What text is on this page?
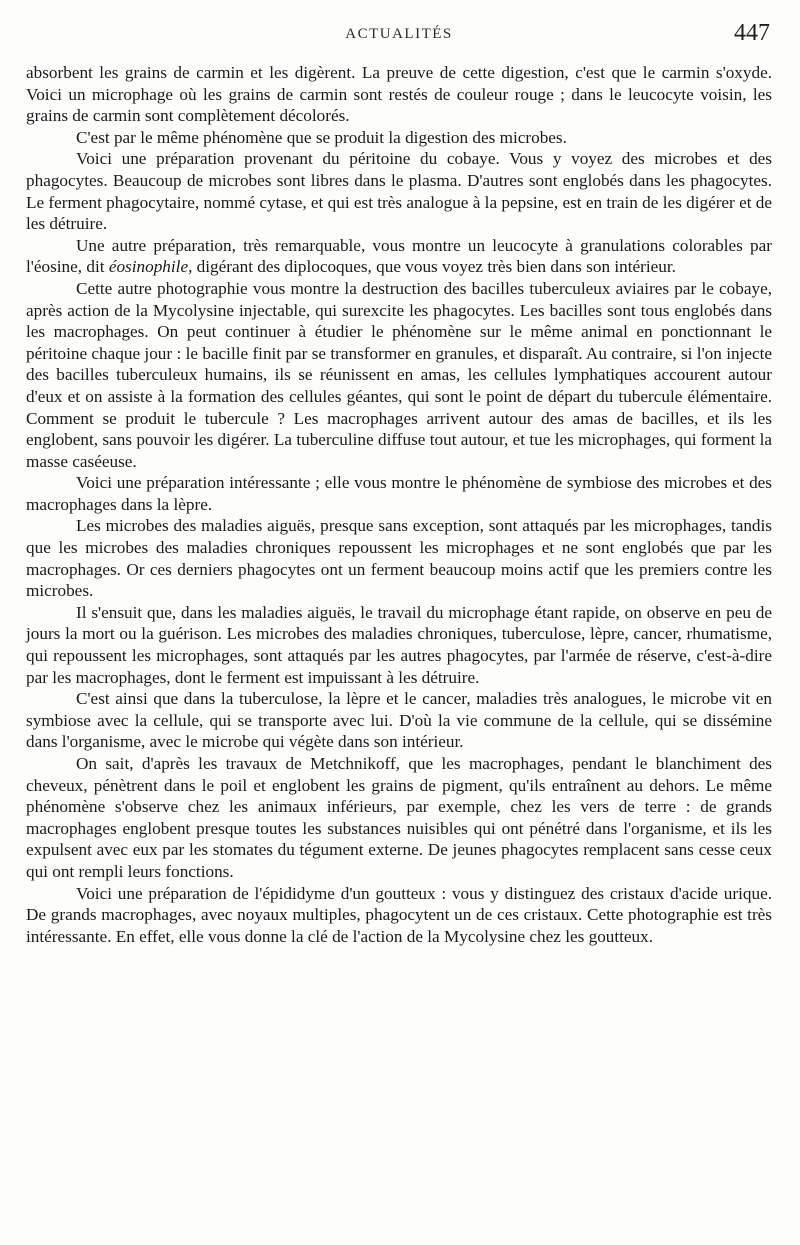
ACTUALITÉS	447

absorbent les grains de carmin et les digèrent. La preuve de cette digestion, c'est que le carmin s'oxyde. Voici un microphage où les grains de carmin sont restés de couleur rouge ; dans le leucocyte voisin, les grains de carmin sont complètement décolorés.

C'est par le même phénomène que se produit la digestion des microbes.

Voici une préparation provenant du péritoine du cobaye. Vous y voyez des microbes et des phagocytes. Beaucoup de microbes sont libres dans le plasma. D'autres sont englobés dans les phagocytes. Le ferment phagocytaire, nommé cytase, et qui est très analogue à la pepsine, est en train de les digérer et de les détruire.

Une autre préparation, très remarquable, vous montre un leucocyte à granulations colorables par l'éosine, dit éosinophile, digérant des diplocoques, que vous voyez très bien dans son intérieur.

Cette autre photographie vous montre la destruction des bacilles tuberculeux aviaires par le cobaye, après action de la Mycolysine injectable, qui surexcite les phagocytes. Les bacilles sont tous englobés dans les macrophages. On peut continuer à étudier le phénomène sur le même animal en ponctionnant le péritoine chaque jour : le bacille finit par se transformer en granules, et disparaît. Au contraire, si l'on injecte des bacilles tuberculeux humains, ils se réunissent en amas, les cellules lymphatiques accourent autour d'eux et on assiste à la formation des cellules géantes, qui sont le point de départ du tubercule élémentaire. Comment se produit le tubercule ? Les macrophages arrivent autour des amas de bacilles, et ils les englobent, sans pouvoir les digérer. La tuberculine diffuse tout autour, et tue les microphages, qui forment la masse caséeuse.

Voici une préparation intéressante ; elle vous montre le phénomène de symbiose des microbes et des macrophages dans la lèpre.

Les microbes des maladies aiguës, presque sans exception, sont attaqués par les microphages, tandis que les microbes des maladies chroniques repoussent les microphages et ne sont englobés que par les macrophages. Or ces derniers phagocytes ont un ferment beaucoup moins actif que les premiers contre les microbes.

Il s'ensuit que, dans les maladies aiguës, le travail du microphage étant rapide, on observe en peu de jours la mort ou la guérison. Les microbes des maladies chroniques, tuberculose, lèpre, cancer, rhumatisme, qui repoussent les microphages, sont attaqués par les autres phagocytes, par l'armée de réserve, c'est-à-dire par les macrophages, dont le ferment est impuissant à les détruire.

C'est ainsi que dans la tuberculose, la lèpre et le cancer, maladies très analogues, le microbe vit en symbiose avec la cellule, qui se transporte avec lui. D'où la vie commune de la cellule, qui se dissémine dans l'organisme, avec le microbe qui végète dans son intérieur.

On sait, d'après les travaux de Metchnikoff, que les macrophages, pendant le blanchiment des cheveux, pénètrent dans le poil et englobent les grains de pigment, qu'ils entraînent au dehors. Le même phénomène s'observe chez les animaux inférieurs, par exemple, chez les vers de terre : de grands macrophages englobent presque toutes les substances nuisibles qui ont pénétré dans l'organisme, et ils les expulsent avec eux par les stomates du tégument externe. De jeunes phagocytes remplacent sans cesse ceux qui ont rempli leurs fonctions.

Voici une préparation de l'épididyme d'un goutteux : vous y distinguez des cristaux d'acide urique. De grands macrophages, avec noyaux multiples, phagocytent un de ces cristaux. Cette photographie est très intéressante. En effet, elle vous donne la clé de l'action de la Mycolysine chez les goutteux.
